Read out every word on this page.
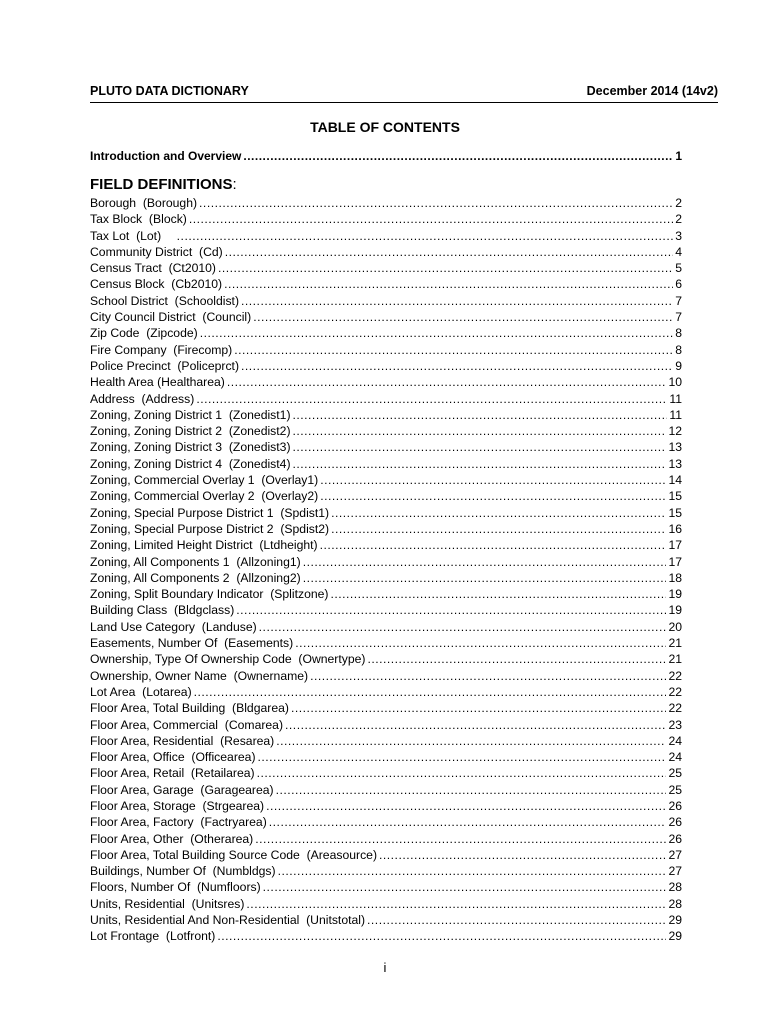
PLUTO DATA DICTIONARY	December 2014 (14v2)
TABLE OF CONTENTS
Introduction and Overview .....	1
FIELD DEFINITIONS:
Borough  (Borough) .....	2
Tax Block  (Block) .....	2
Tax Lot  (Lot) .....	3
Community District  (Cd) .....	4
Census Tract  (Ct2010) .....	5
Census Block  (Cb2010) .....	6
School District  (Schooldist) .....	7
City Council District  (Council) .....	7
Zip Code  (Zipcode) .....	8
Fire Company  (Firecomp) .....	8
Police Precinct  (Policeprct) .....	9
Health Area (Healtharea) .....	10
Address  (Address) .....	11
Zoning, Zoning District 1  (Zonedist1) .....	11
Zoning, Zoning District 2  (Zonedist2) .....	12
Zoning, Zoning District 3  (Zonedist3) .....	13
Zoning, Zoning District 4  (Zonedist4) .....	13
Zoning, Commercial Overlay 1  (Overlay1) .....	14
Zoning, Commercial Overlay 2  (Overlay2) .....	15
Zoning, Special Purpose District 1  (Spdist1) .....	15
Zoning, Special Purpose District 2  (Spdist2) .....	16
Zoning, Limited Height District  (Ltdheight) .....	17
Zoning, All Components 1  (Allzoning1) .....	17
Zoning, All Components 2  (Allzoning2) .....	18
Zoning, Split Boundary Indicator  (Splitzone) .....	19
Building Class  (Bldgclass) .....	19
Land Use Category  (Landuse) .....	20
Easements, Number Of  (Easements) .....	21
Ownership, Type Of Ownership Code  (Ownertype) .....	21
Ownership, Owner Name  (Ownername) .....	22
Lot Area  (Lotarea) .....	22
Floor Area, Total Building  (Bldgarea) .....	22
Floor Area, Commercial  (Comarea) .....	23
Floor Area, Residential  (Resarea) .....	24
Floor Area, Office  (Officearea) .....	24
Floor Area, Retail  (Retailarea) .....	25
Floor Area, Garage  (Garagearea) .....	25
Floor Area, Storage  (Strgearea) .....	26
Floor Area, Factory  (Factryarea) .....	26
Floor Area, Other  (Otherarea) .....	26
Floor Area, Total Building Source Code  (Areasource) .....	27
Buildings, Number Of  (Numbldgs) .....	27
Floors, Number Of  (Numfloors) .....	28
Units, Residential  (Unitsres) .....	28
Units, Residential And Non-Residential  (Unitstotal) .....	29
Lot Frontage  (Lotfront) .....	29
i
